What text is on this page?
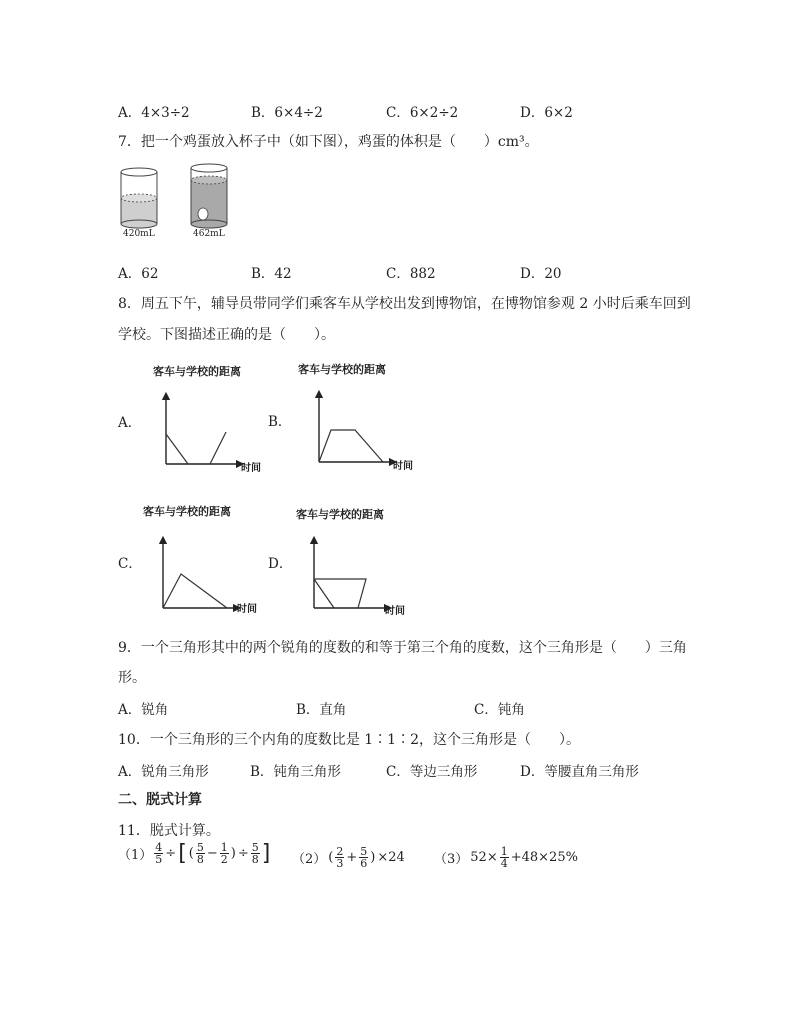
A．4×3÷2	B．6×4÷2	C．6×2÷2	D．6×2
7．把一个鸡蛋放入杯子中（如下图），鸡蛋的体积是（　　）cm³。
420mL	462mL
A．62	B．42	C．882	D．20
8．周五下午，辅导员带同学们乘客车从学校出发到博物馆，在博物馆参观 2 小时后乘车回到
学校。下图描述正确的是（　　）。
客车与学校的距离
A．
时间
客车与学校的距离
B．
时间
客车与学校的距离
C．
时间
客车与学校的距离
D．
时间
9．一个三角形其中的两个锐角的度数的和等于第三个角的度数，这个三角形是（　　）三角
形。
A．锐角	B．直角	C．钝角
10．一个三角形的三个内角的度数比是 1∶1∶2，这个三角形是（　　）。
A．锐角三角形	B．钝角三角形	C．等边三角形	D．等腰直角三角形
二、脱式计算
11．脱式计算。
$(1) \frac{4}{5}$ ÷ [ ( $\frac{5}{8} - \frac{1}{2}$ ) ÷ $\frac{5}{8}$ ] （2） ( $\frac{2}{3} + \frac{5}{6}$ ) ×24 （3） $52\times \frac{1}{4} +48\times 25\%$
